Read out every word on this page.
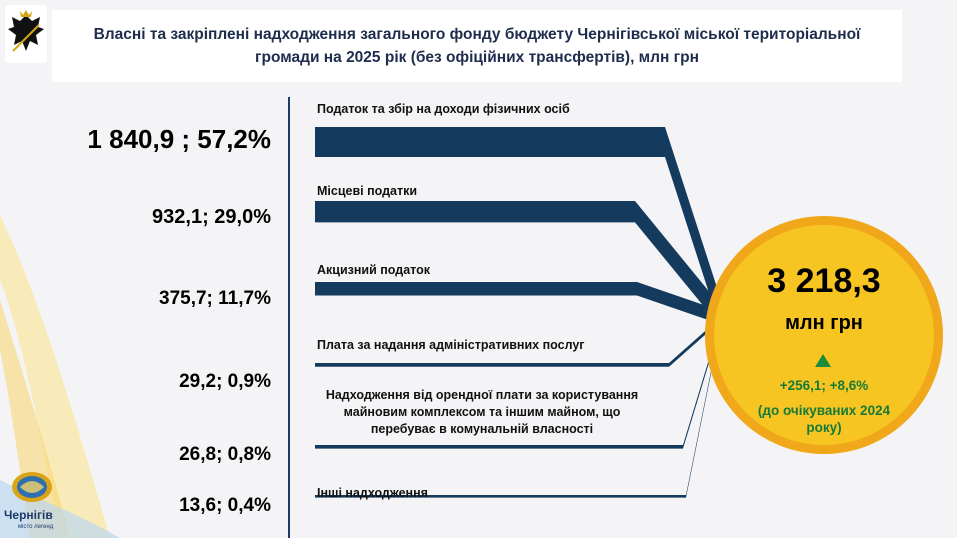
Власні та закріплені надходження загального фонду бюджету Чернігівської міської територіальної громади на 2025 рік (без офіційних трансфертів), млн грн
1 840,9 ; 57,2%
932,1; 29,0%
375,7; 11,7%
29,2; 0,9%
26,8; 0,8%
13,6; 0,4%
Податок та збір на доходи фізичних осіб
Місцеві податки
Акцизний податок
Плата за надання адміністративних послуг
Надходження від орендної плати за користування майновим комплексом та іншим майном, що перебуває в комунальній власності
Інші надходження
3 218,3
млн грн
+256,1; +8,6%
(до очікуваних 2024 року)
Чернігів
місто легенд
